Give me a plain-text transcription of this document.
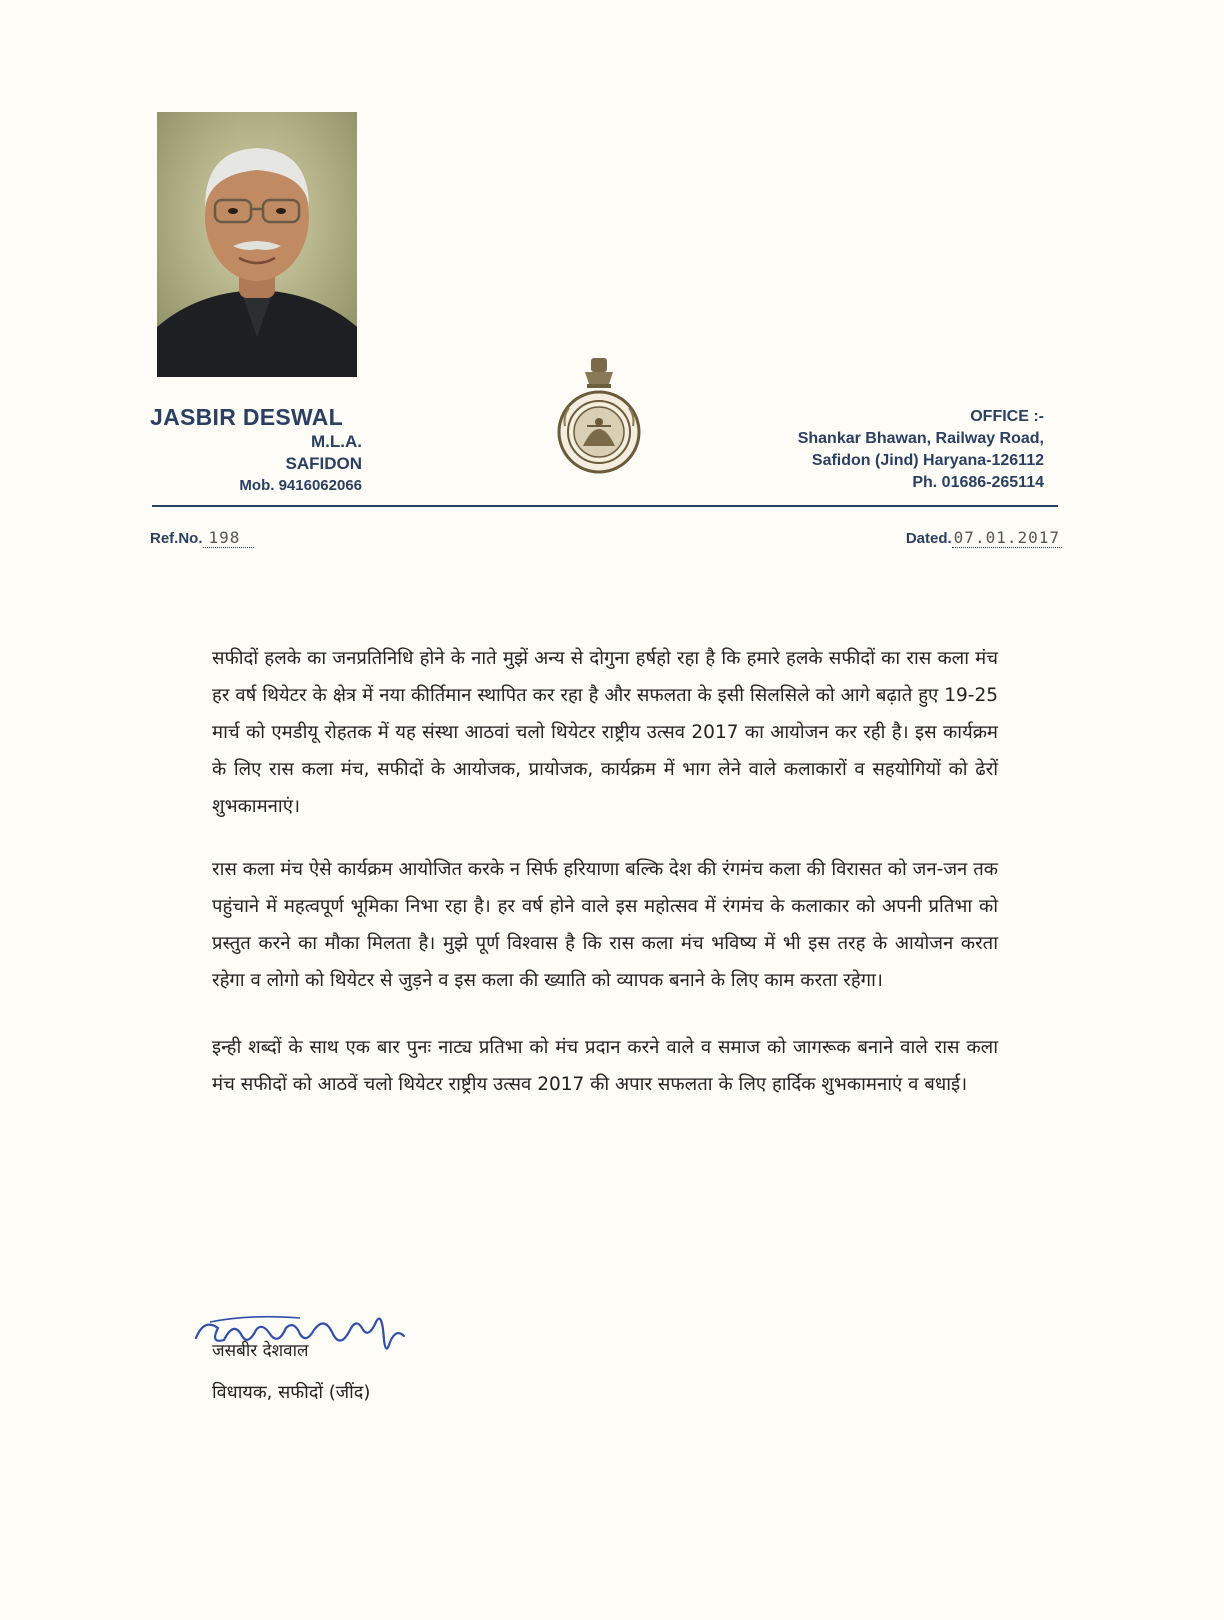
JASBIR DESWAL
M.L.A.
SAFIDON
Mob. 9416062066
OFFICE :-
Shankar Bhawan, Railway Road,
Safidon (Jind) Haryana-126112
Ph. 01686-265114
Ref.No. 198	Dated. 07.01.2017

सफीदों हलके का जनप्रतिनिधि होने के नाते मुझें अन्य से दोगुना हर्षहो रहा है कि हमारे हलके सफीदों का रास कला मंच हर वर्ष थियेटर के क्षेत्र में नया कीर्तिमान स्थापित कर रहा है और सफलता के इसी सिलसिले को आगे बढ़ाते हुए 19-25 मार्च को एमडीयू रोहतक में यह संस्था आठवां चलो थियेटर राष्ट्रीय उत्सव 2017 का आयोजन कर रही है। इस कार्यक्रम के लिए रास कला मंच, सफीदों के आयोजक, प्रायोजक, कार्यक्रम में भाग लेने वाले कलाकारों व सहयोगियों को ढेरों शुभकामनाएं।

रास कला मंच ऐसे कार्यक्रम आयोजित करके न सिर्फ हरियाणा बल्कि देश की रंगमंच कला की विरासत को जन-जन तक पहुंचाने में महत्वपूर्ण भूमिका निभा रहा है। हर वर्ष होने वाले इस महोत्सव में रंगमंच के कलाकार को अपनी प्रतिभा को प्रस्तुत करने का मौका मिलता है। मुझे पूर्ण विश्वास है कि रास कला मंच भविष्य में भी इस तरह के आयोजन करता रहेगा व लोगो को थियेटर से जुड़ने व इस कला की ख्याति को व्यापक बनाने के लिए काम करता रहेगा।

इन्ही शब्दों के साथ एक बार पुनः नाट्य प्रतिभा को मंच प्रदान करने वाले व समाज को जागरूक बनाने वाले रास कला मंच सफीदों को आठवें चलो थियेटर राष्ट्रीय उत्सव 2017 की अपार सफलता के लिए हार्दिक शुभकामनाएं व बधाई।

जसबीर देशवाल
विधायक, सफीदों (जींद)
